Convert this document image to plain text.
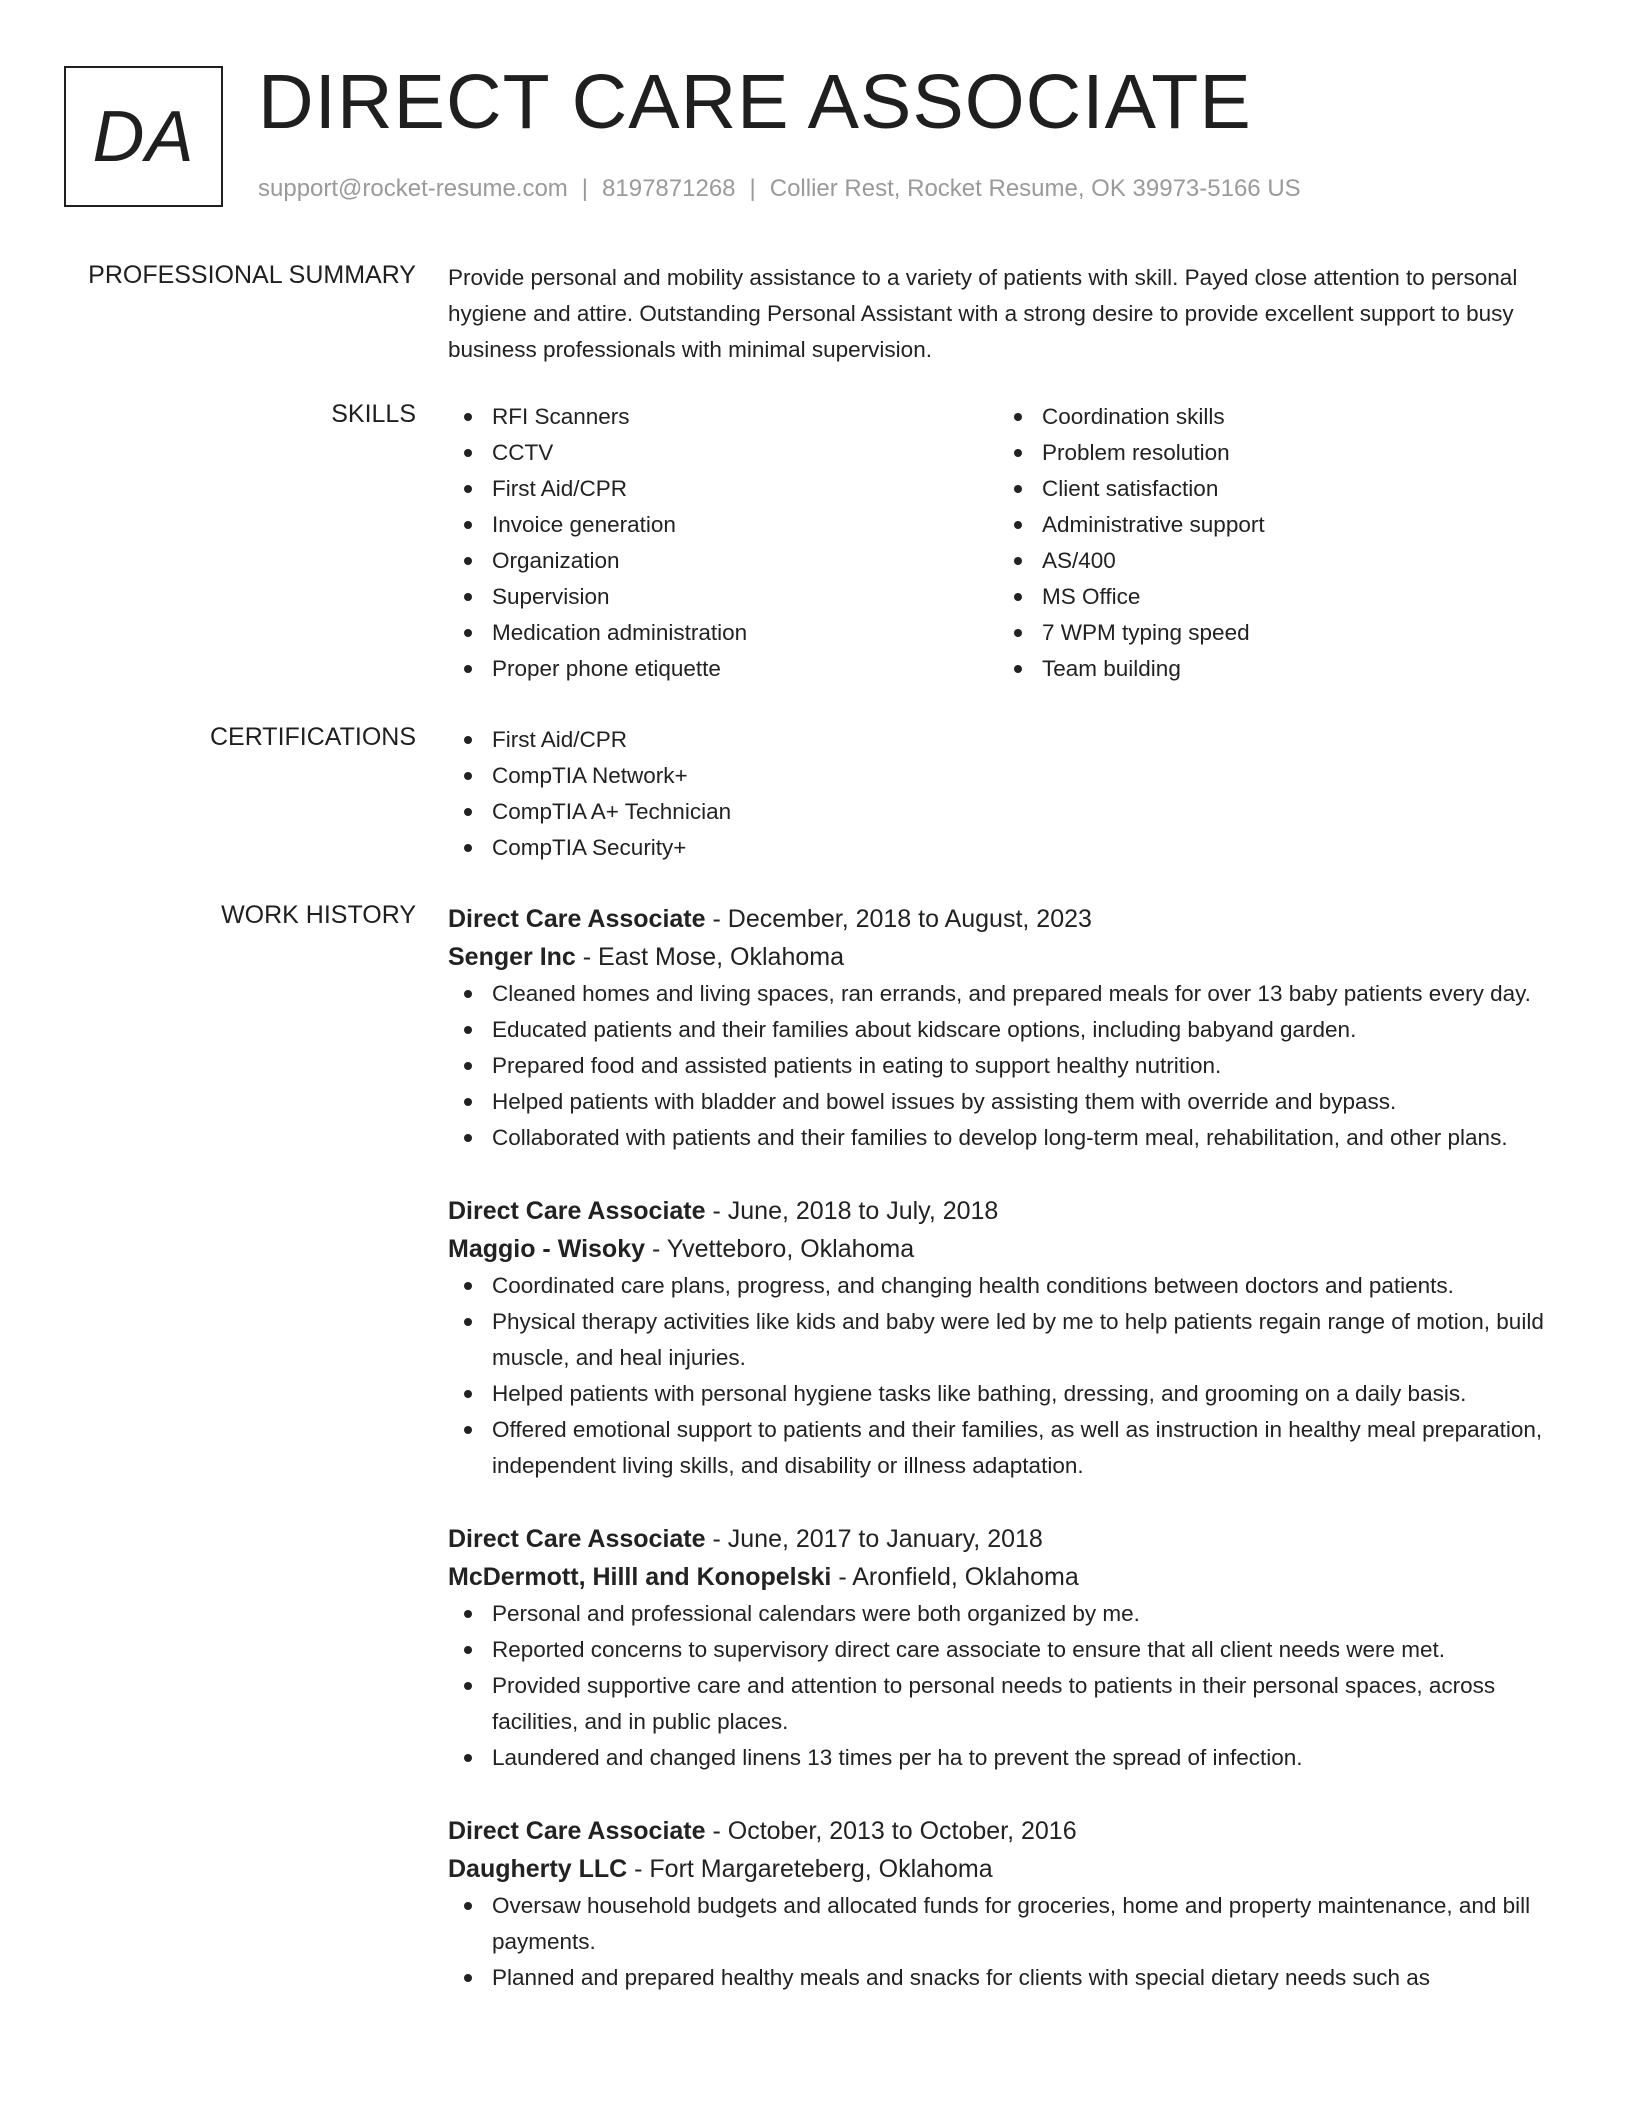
DA DIRECT CARE ASSOCIATE
support@rocket-resume.com | 8197871268 | Collier Rest, Rocket Resume, OK 39973-5166 US
PROFESSIONAL SUMMARY Provide personal and mobility assistance to a variety of patients with skill. Payed close attention to personal hygiene and attire. Outstanding Personal Assistant with a strong desire to provide excellent support to busy business professionals with minimal supervision.

SKILLS	RFI Scanners
CCTV
First Aid/CPR
Invoice generation
Organization
Supervision
Medication administration
Proper phone etiquette
Coordination skills
Problem resolution
Client satisfaction
Administrative support
AS/400
MS Office
7 WPM typing speed
Team building
CERTIFICATIONS	First Aid/CPR
CompTIA Network+
CompTIA A+ Technician
CompTIA Security+
WORK HISTORY Direct Care Associate - December, 2018 to August, 2023
Senger Inc - East Mose, Oklahoma
Cleaned homes and living spaces, ran errands, and prepared meals for over 13 baby patients every day.
Educated patients and their families about kidscare options, including babyand garden.
Prepared food and assisted patients in eating to support healthy nutrition.
Helped patients with bladder and bowel issues by assisting them with override and bypass.
Collaborated with patients and their families to develop long-term meal, rehabilitation, and other plans.
Direct Care Associate - June, 2018 to July, 2018
Maggio - Wisoky - Yvetteboro, Oklahoma
Coordinated care plans, progress, and changing health conditions between doctors and patients.
Physical therapy activities like kids and baby were led by me to help patients regain range of motion, build muscle, and heal injuries.
Helped patients with personal hygiene tasks like bathing, dressing, and grooming on a daily basis.
Offered emotional support to patients and their families, as well as instruction in healthy meal preparation, independent living skills, and disability or illness adaptation.
Direct Care Associate - June, 2017 to January, 2018
McDermott, Hilll and Konopelski - Aronfield, Oklahoma
Personal and professional calendars were both organized by me.
Reported concerns to supervisory direct care associate to ensure that all client needs were met.
Provided supportive care and attention to personal needs to patients in their personal spaces, across facilities, and in public places.
Laundered and changed linens 13 times per ha to prevent the spread of infection.
Direct Care Associate - October, 2013 to October, 2016
Daugherty LLC - Fort Margareteberg, Oklahoma
Oversaw household budgets and allocated funds for groceries, home and property maintenance, and bill payments.
Planned and prepared healthy meals and snacks for clients with special dietary needs such as
